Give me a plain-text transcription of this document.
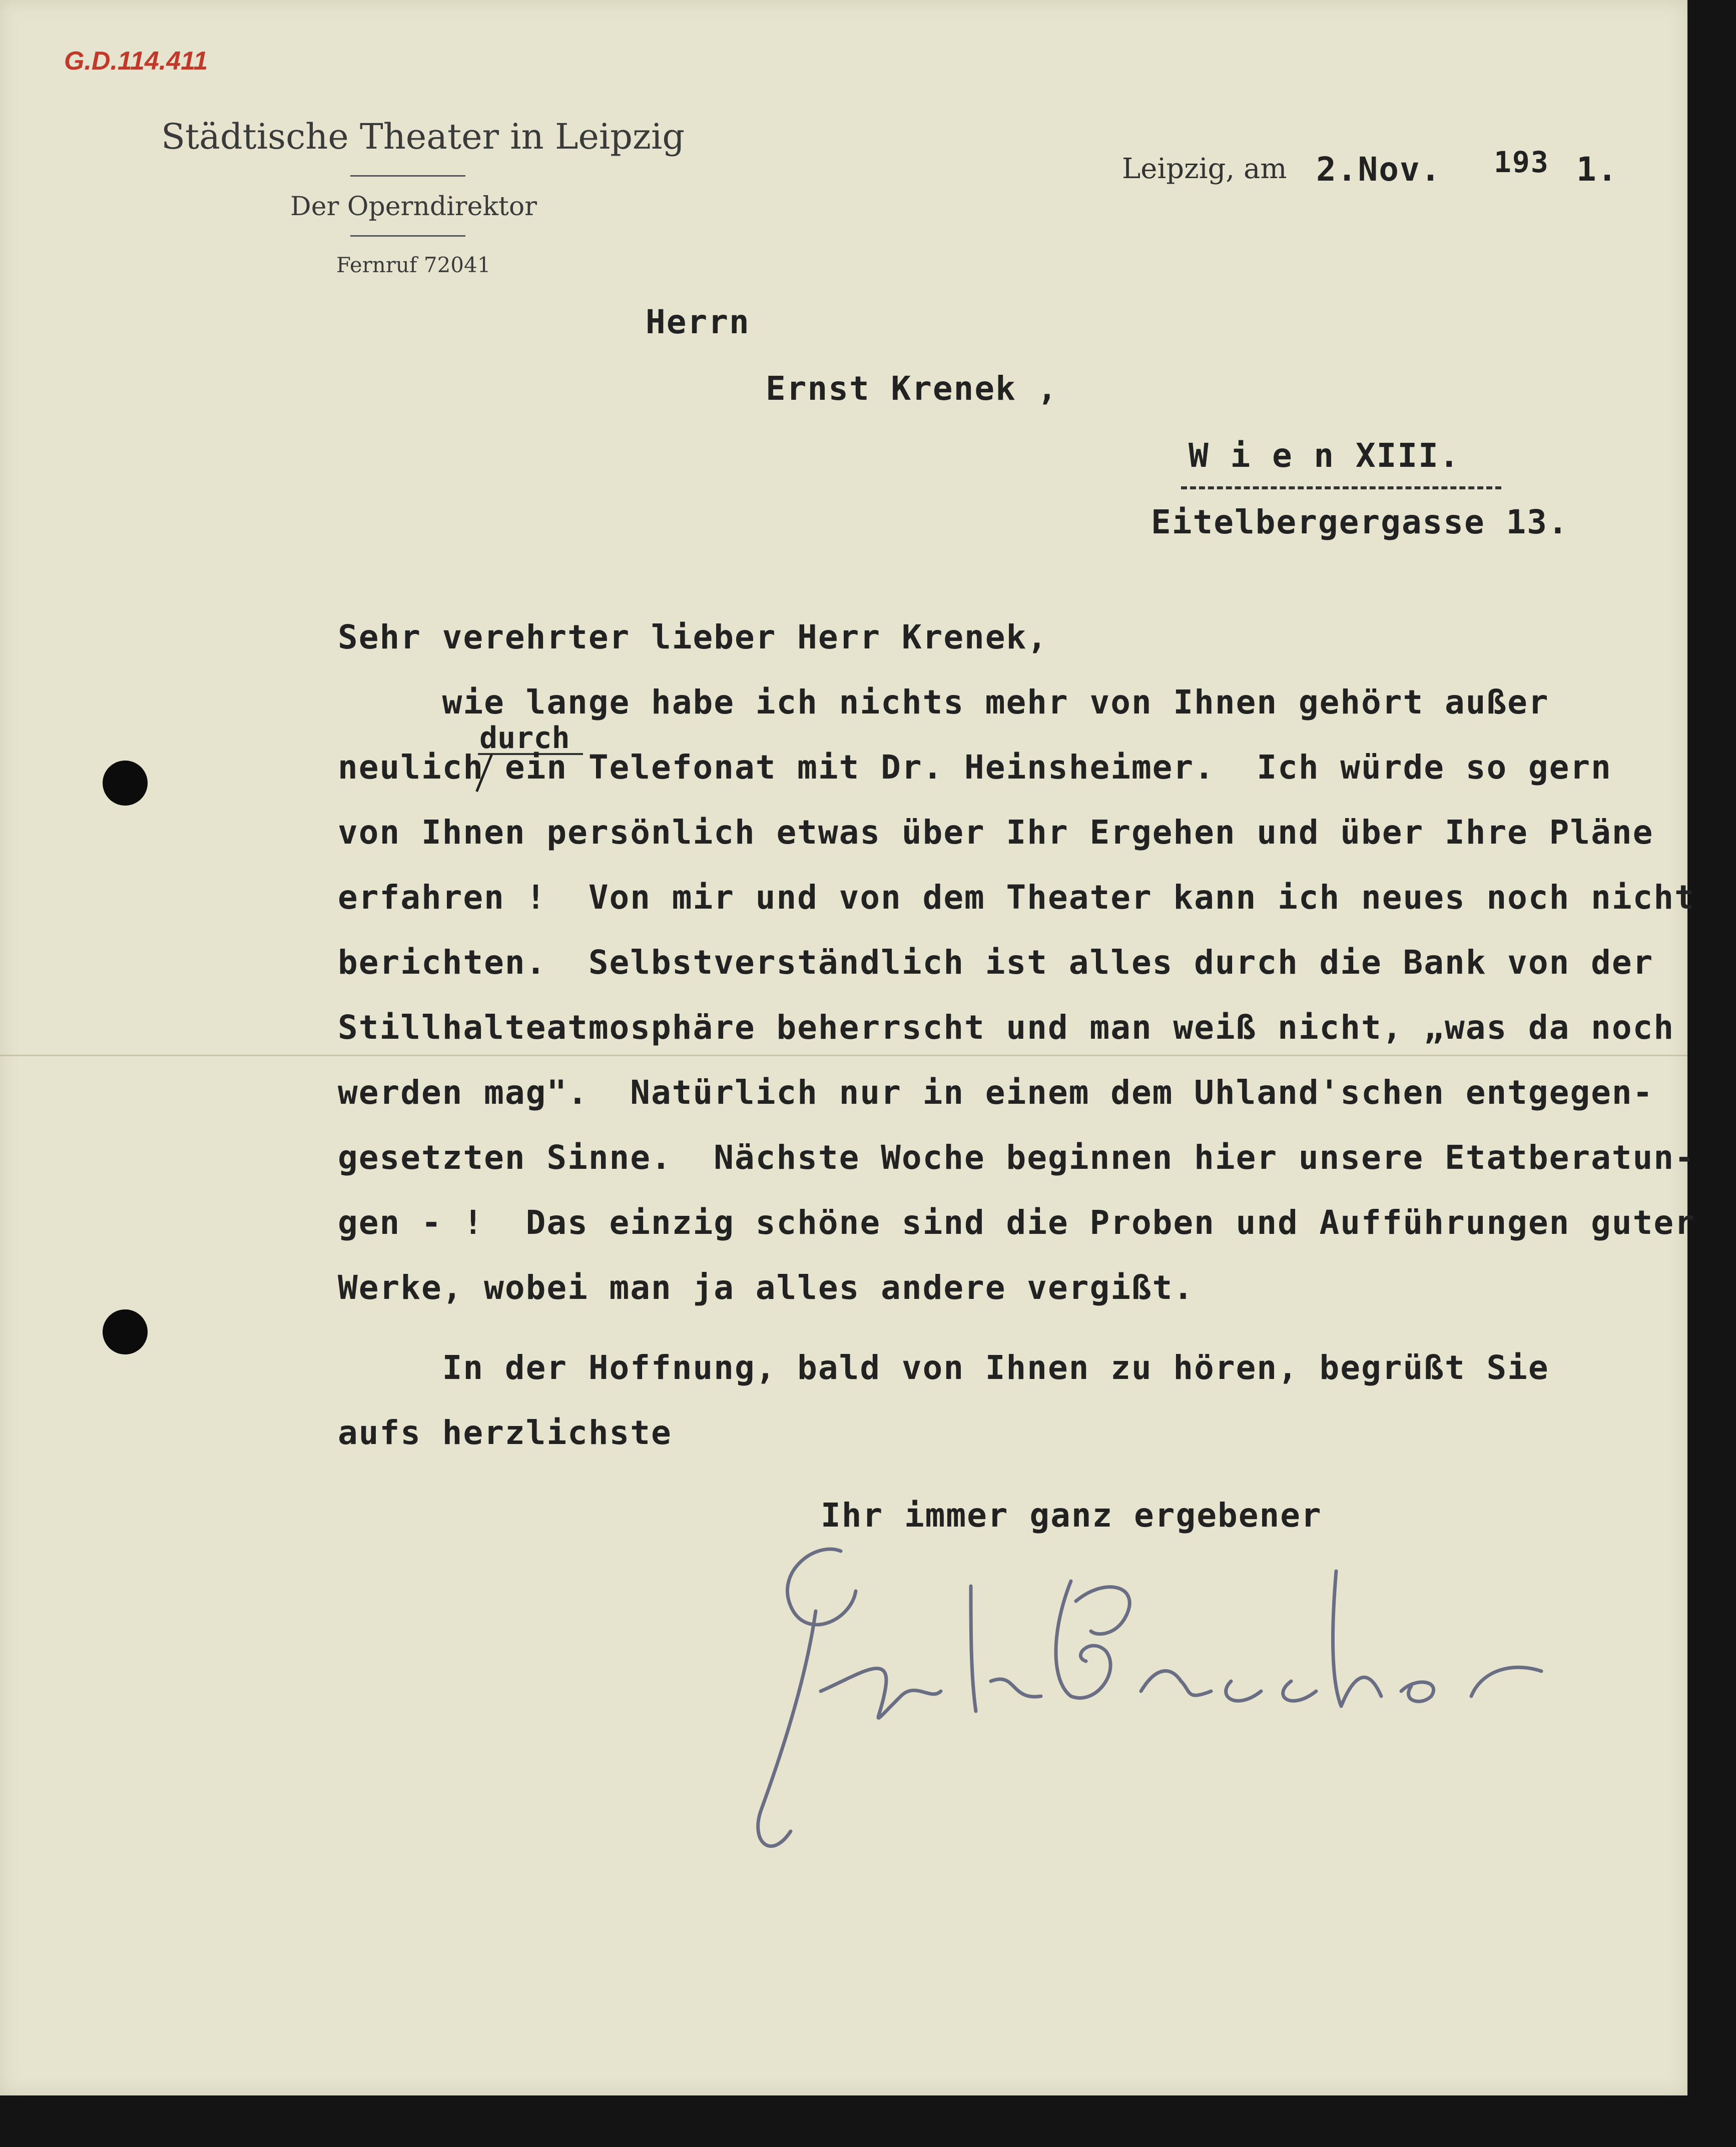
G.D.114.411
Städtische Theater in Leipzig
Der Operndirektor
Fernruf 72041
Leipzig, am 2.Nov. 193 1.
Herrn
Ernst Krenek ,
W i e n XIII.
Eitelbergergasse 13.
Sehr verehrter lieber Herr Krenek,
durch
wie lange habe ich nichts mehr von Ihnen gehört außer
neulich ein Telefonat mit Dr. Heinsheimer.  Ich würde so gern
von Ihnen persönlich etwas über Ihr Ergehen und über Ihre Pläne
erfahren !  Von mir und von dem Theater kann ich neues noch nicht
berichten.  Selbstverständlich ist alles durch die Bank von der
Stillhalteatmosphäre beherrscht und man weiß nicht, „was da noch
werden mag".  Natürlich nur in einem dem Uhland'schen entgegen-
gesetzten Sinne.  Nächste Woche beginnen hier unsere Etatberatun-
gen - !  Das einzig schöne sind die Proben und Aufführungen guter
Werke, wobei man ja alles andere vergißt.
In der Hoffnung, bald von Ihnen zu hören, begrüßt Sie
aufs herzlichste
Ihr immer ganz ergebener
